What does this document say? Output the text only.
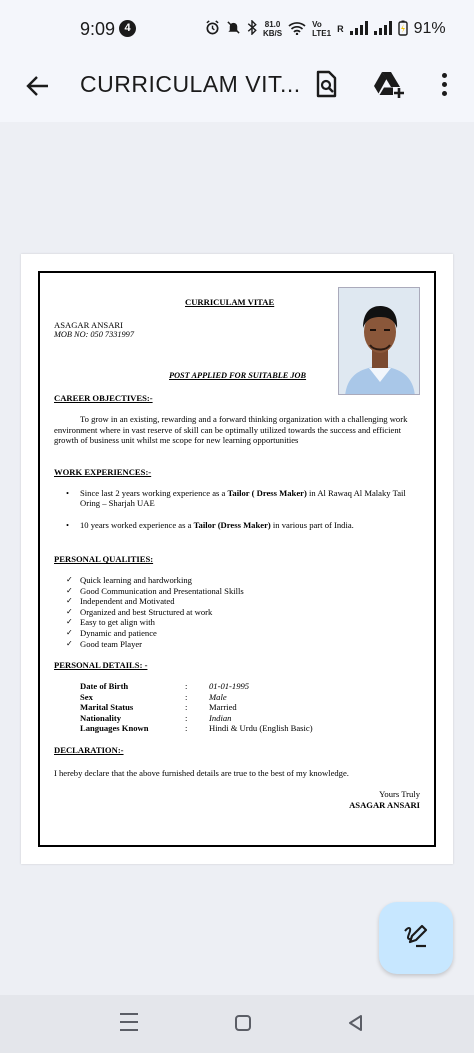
9:09 4	81.0
KB/S
Vo
LTE1 R	91%
CURRICULAM VIT...
CURRICULAM VITAE
ASAGAR ANSARI
MOB NO: 050 7331997
POST APPLIED FOR SUITABLE JOB
CAREER OBJECTIVES:-
To grow in an existing, rewarding and a forward thinking organization with a challenging work environment where in vast reserve of skill can be optimally utilized towards the success and efficient growth of business unit whilst me scope for new learning opportunities
WORK EXPERIENCES:-
• Since last 2 years working experience as a Tailor ( Dress Maker) in Al Rawaq Al Malaky Tail Oring – Sharjah UAE
• 10 years worked experience as a Tailor (Dress Maker) in various part of India.
PERSONAL QUALITIES:
✓ Quick learning and hardworking
✓ Good Communication and Presentational Skills
✓ Independent and Motivated
✓ Organized and best Structured at work
✓ Easy to get align with
✓ Dynamic and patience
✓ Good team Player
PERSONAL DETAILS: -
Date of Birth	:	01-01-1995
Sex	:	Male
Marital Status	:	Married
Nationality	:	Indian
Languages Known	:	Hindi & Urdu (English Basic)
DECLARATION:-
I hereby declare that the above furnished details are true to the best of my knowledge.
Yours Truly
ASAGAR ANSARI
